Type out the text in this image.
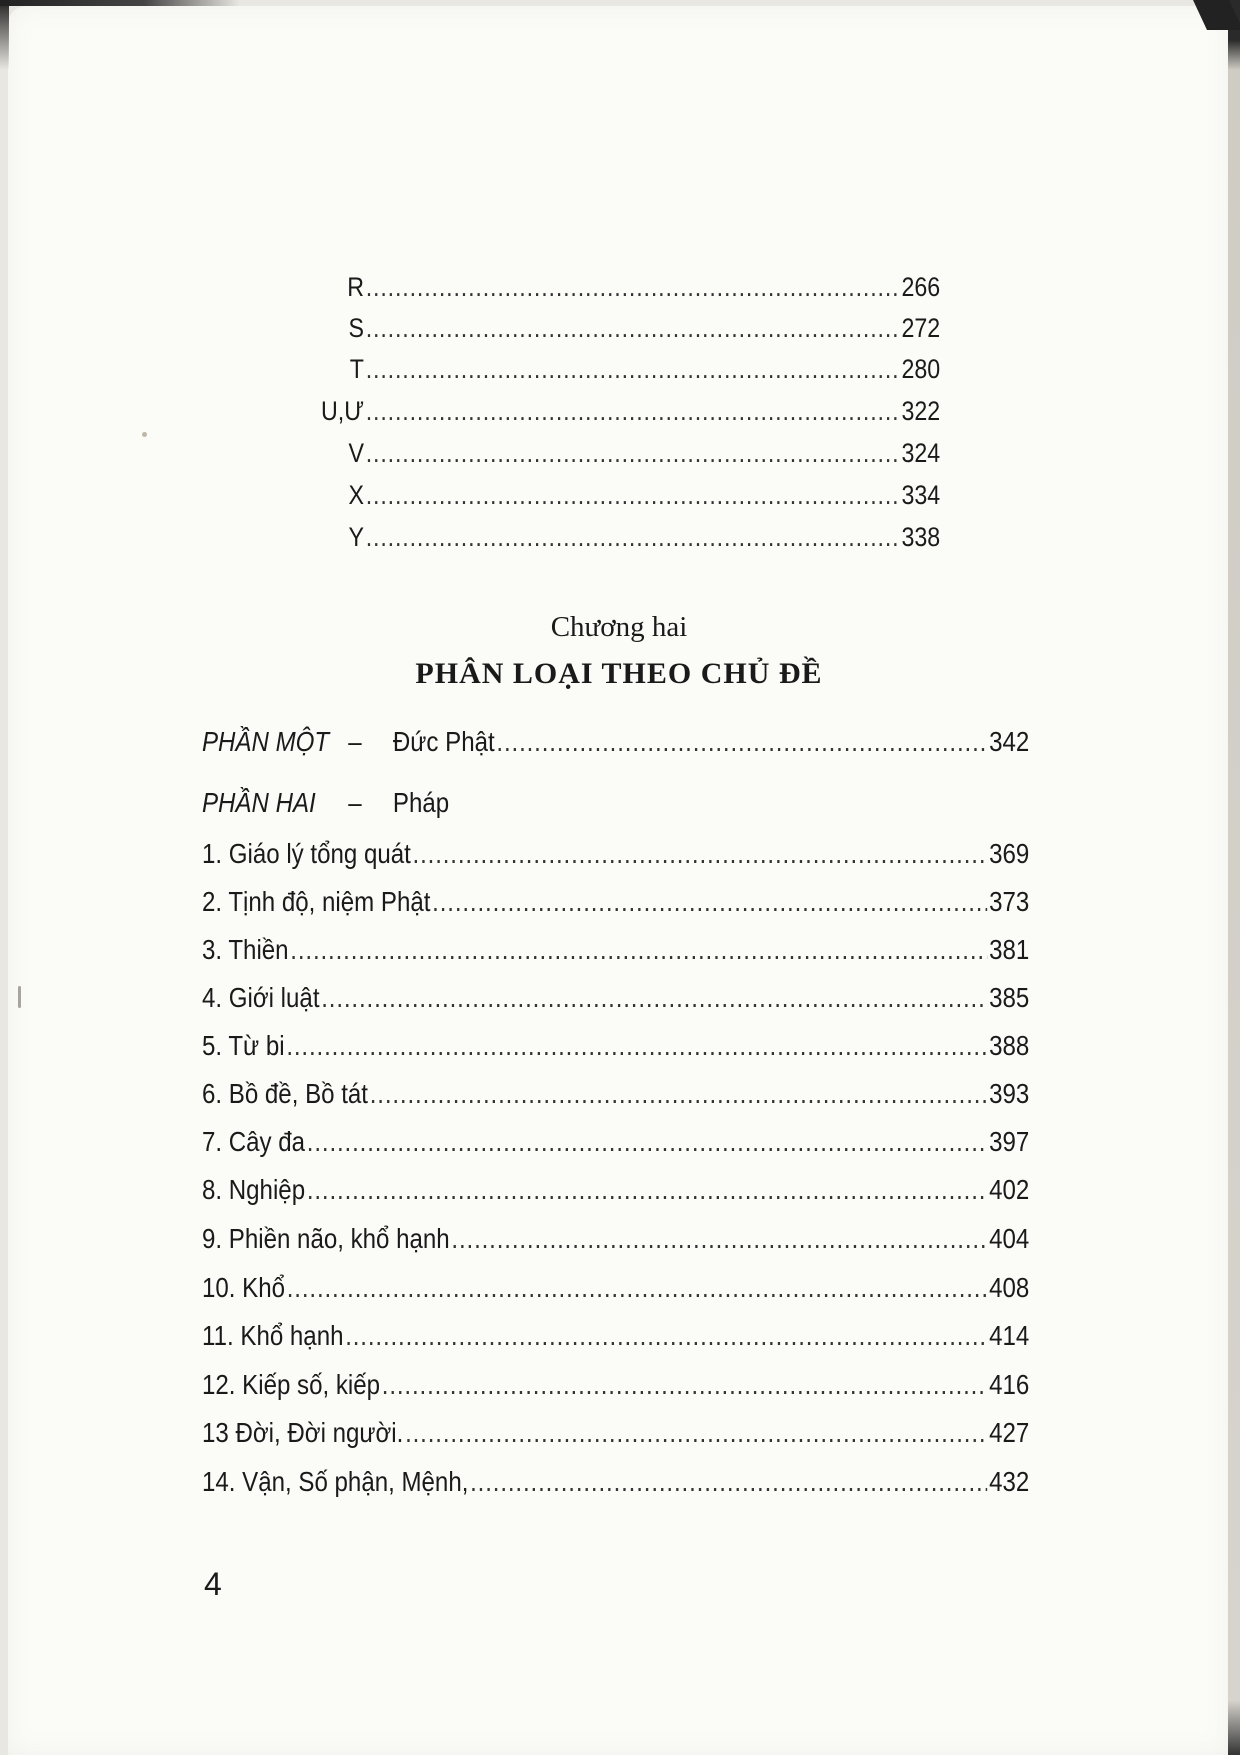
R .....	266
S .....	272
T .....	280
U,Ư .....	322
V .....	324
X .....	334
Y .....	338
Chương hai
PHÂN LOẠI THEO CHỦ ĐỀ
PHẦN MỘT –	Đức Phật .....	342
PHẦN HAI	–	Pháp
1. Giáo lý tổng quát .....	369
2. Tịnh độ, niệm Phật .....	373
3. Thiền .....	381
4. Giới luật .....	385
5. Từ bi .....	388
6. Bồ đề, Bồ tát .....	393
7. Cây đa .....	397
8. Nghiệp .....	402
9. Phiền não, khổ hạnh .....	404
10. Khổ .....	408
11. Khổ hạnh .....	414
12. Kiếp số, kiếp .....	416
13 Đời, Đời người. .....	427
14. Vận, Số phận, Mệnh, .....	432
4
